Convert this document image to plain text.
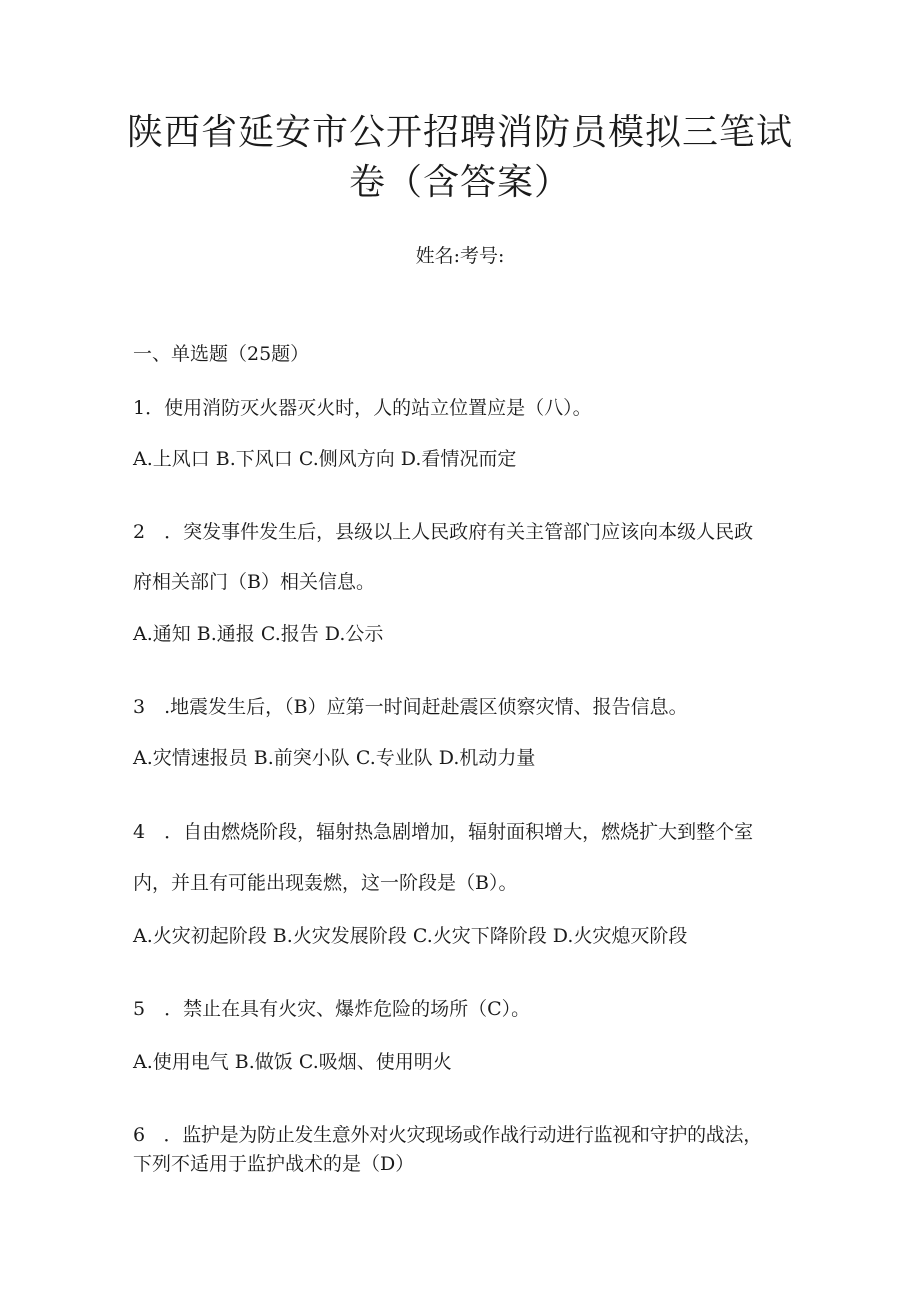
陕西省延安市公开招聘消防员模拟三笔试
卷（含答案）
姓名:考号:
一、单选题（25题）
1．使用消防灭火器灭火时，人的站立位置应是（八）。
A.上风口 B.下风口 C.侧风方向 D.看情况而定
2　．突发事件发生后，县级以上人民政府有关主管部门应该向本级人民政
府相关部门（B）相关信息。
A.通知 B.通报 C.报告 D.公示
3　.地震发生后，（B）应第一时间赶赴震区侦察灾情、报告信息。
A.灾情速报员 B.前突小队 C.专业队 D.机动力量
4　．自由燃烧阶段，辐射热急剧增加，辐射面积增大，燃烧扩大到整个室
内，并且有可能出现轰燃，这一阶段是（B）。
A.火灾初起阶段 B.火灾发展阶段 C.火灾下降阶段 D.火灾熄灭阶段
5　．禁止在具有火灾、爆炸危险的场所（C）。
A.使用电气 B.做饭 C.吸烟、使用明火
6　．监护是为防止发生意外对火灾现场或作战行动进行监视和守护的战法，
下列不适用于监护战术的是（D）
